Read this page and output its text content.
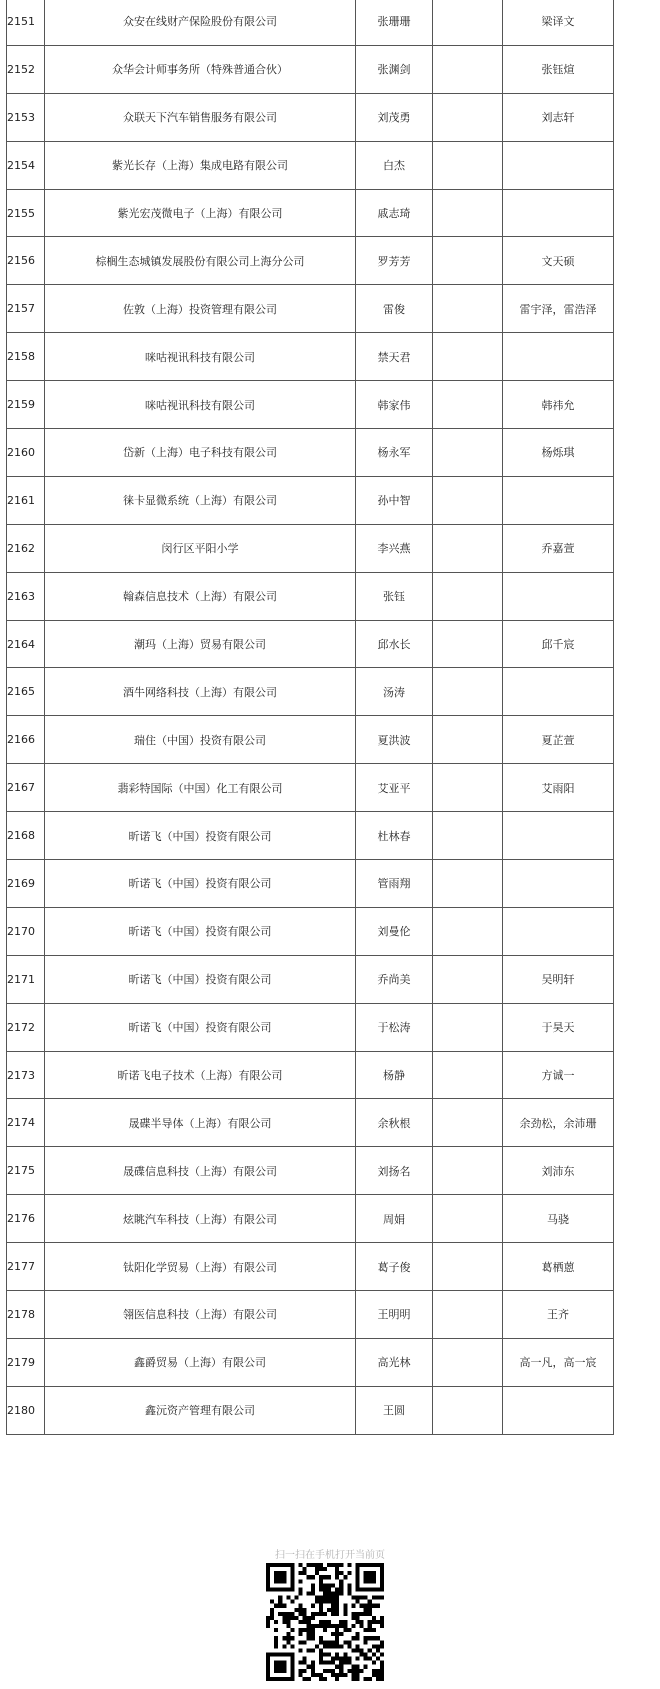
2151	众安在线财产保险股份有限公司	张珊珊		梁译文
2152	众华会计师事务所（特殊普通合伙）	张渊剑		张钰煊
2153	众联天下汽车销售服务有限公司	刘茂勇		刘志轩
2154	紫光长存（上海）集成电路有限公司	白杰		
2155	紫光宏茂微电子（上海）有限公司	戚志琦		
2156	棕榈生态城镇发展股份有限公司上海分公司	罗芳芳		文天硕
2157	佐敦（上海）投资管理有限公司	雷俊		雷宇泽，雷浩泽
2158	咪咕视讯科技有限公司	禁天君		
2159	咪咕视讯科技有限公司	韩家伟		韩祎允
2160	岱新（上海）电子科技有限公司	杨永军		杨烁琪
2161	徕卡显微系统（上海）有限公司	孙中智		
2162	闵行区平阳小学	李兴燕		乔嘉萱
2163	翰森信息技术（上海）有限公司	张钰		
2164	潮玛（上海）贸易有限公司	邱水长		邱千宸
2165	酒牛网络科技（上海）有限公司	汤涛		
2166	瑞住（中国）投资有限公司	夏洪波		夏芷萱
2167	翡彩特国际（中国）化工有限公司	艾亚平		艾雨阳
2168	昕诺飞（中国）投资有限公司	杜林春		
2169	昕诺飞（中国）投资有限公司	管雨翔		
2170	昕诺飞（中国）投资有限公司	刘曼伦		
2171	昕诺飞（中国）投资有限公司	乔尚美		吴明轩
2172	昕诺飞（中国）投资有限公司	于松涛		于昊天
2173	昕诺飞电子技术（上海）有限公司	杨静		方诚一
2174	晟碟半导体（上海）有限公司	余秋根		余劲松，余沛珊
2175	晟碟信息科技（上海）有限公司	刘扬名		刘沛东
2176	炫眺汽车科技（上海）有限公司	周娟		马骁
2177	钛阳化学贸易（上海）有限公司	葛子俊		葛栖蒽
2178	翎医信息科技（上海）有限公司	王明明		王齐
2179	鑫爵贸易（上海）有限公司	高光林		高一凡，高一宸
2180	鑫沅资产管理有限公司	王圆		
扫一扫在手机打开当前页
